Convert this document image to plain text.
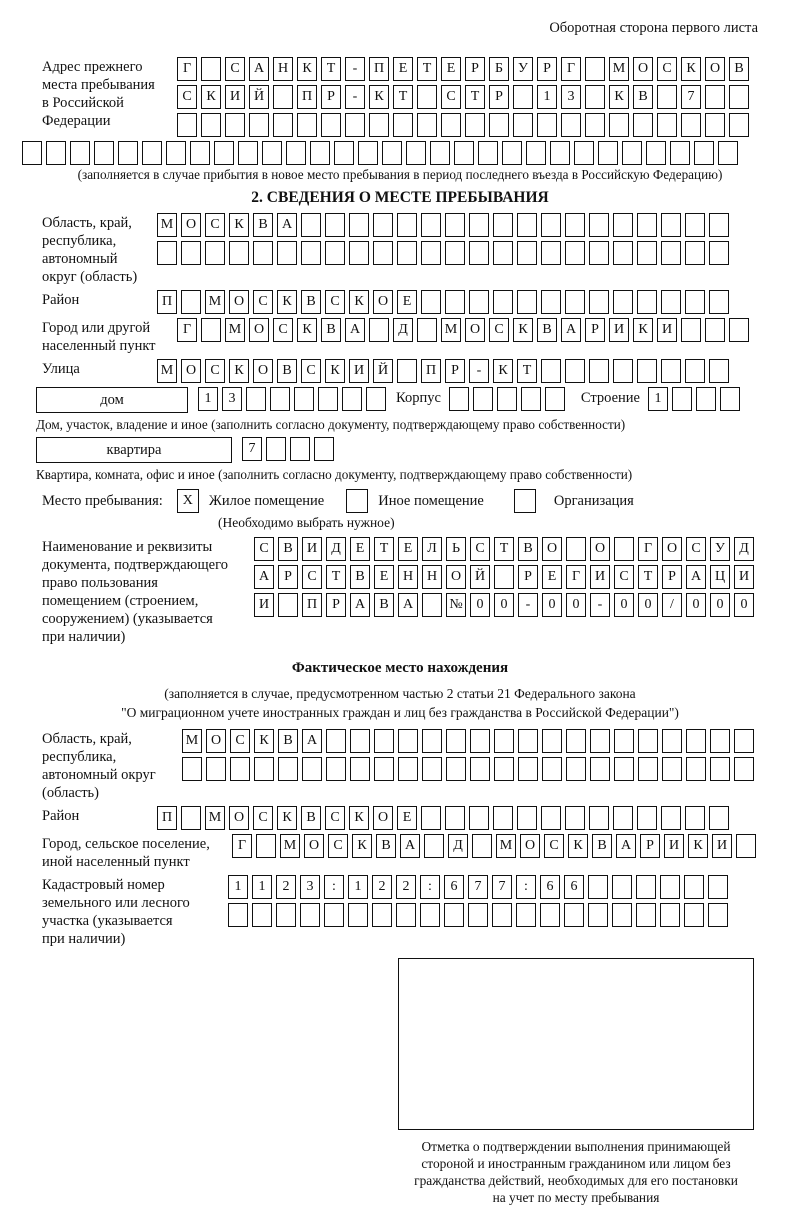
Оборотная сторона первого листа
Адрес прежнего
места пребывания
в Российской
Федерации
Г	С	А Н	К	Т	-	П	Е	Т	Е	Р	Б	У	Р	Г	М О	С	К	О	В
С	К	И Й	П	Р	-	К	Т	С	Т	Р	1	3	К	В	7
(заполняется в случае прибытия в новое место пребывания в период последнего въезда в Российскую Федерацию)
2. СВЕДЕНИЯ О МЕСТЕ ПРЕБЫВАНИЯ
Область, край,
республика,
автономный
округ (область)
М О	С	К	В	А
Район	П	М О	С	К	В	С	К	О	Е
Город или другой
населенный пункт
Г	М О	С	К	В	А	Д	М О	С	К	В	А	Р	И	К	И
Улица	М О	С	К	О	В	С	К	И Й	П	Р	-	К	Т
дом	1	3	Корпус	Строение	1
Дом, участок, владение и иное (заполнить согласно документу, подтверждающему право собственности)
квартира	7
Квартира, комната, офис и иное (заполнить согласно документу, подтверждающему право собственности)
Место пребывания:	X	Жилое помещение	Иное помещение	Организация
(Необходимо выбрать нужное)
Наименование и реквизиты
документа, подтверждающего
право пользования
помещением (строением,
сооружением) (указывается
при наличии)
С	В	И	Д	Е	Т	Е	Л	Ь	С	Т	В	О	О	Г	О	С	У	Д
А	Р	С	Т	В	Е	Н Н О Й	Р	Е	Г	И	С	Т	Р	А Ц И
И	П	Р	А	В	А	№ 0	0	-	0	0	-	0	0	/	0	0	0
Фактическое место нахождения
(заполняется в случае, предусмотренном частью 2 статьи 21 Федерального закона
"О миграционном учете иностранных граждан и лиц без гражданства в Российской Федерации")
Область, край,
республика,
автономный округ
(область)
М О	С	К	В	А
Район	П	М О	С	К	В	С	К	О	Е
Город, сельское поселение,
иной населенный пункт
Г	М О	С	К	В	А	Д	М О	С	К	В	А	Р	И	К	И
Кадастровый номер
земельного или лесного
участка (указывается
при наличии)
1	1	2	3	:	1	2	2	:	6	7	7	:	6	6
Отметка о подтверждении выполнения принимающей
стороной и иностранным гражданином или лицом без
гражданства действий, необходимых для его постановки
на учет по месту пребывания
